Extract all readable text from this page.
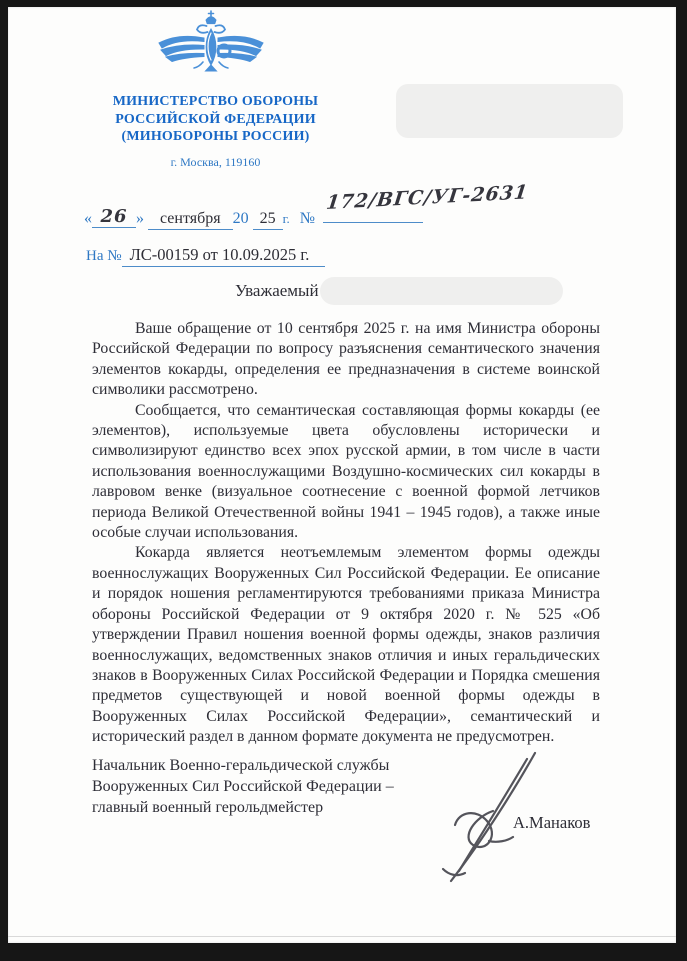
МИНИСТЕРСТВО ОБОРОНЫ
РОССИЙСКОЙ ФЕДЕРАЦИИ
(МИНОБОРОНЫ РОССИИ)
г. Москва, 119160
« 26 » сентября 20 25 г. №
172/ВГС/УГ-2631
На № ЛС-00159 от 10.09.2025 г.
Уважаемый

Ваше обращение от 10 сентября 2025 г. на имя Министра обороны Российской Федерации по вопросу разъяснения семантического значения элементов кокарды, определения ее предназначения в системе воинской символики рассмотрено.

Сообщается, что семантическая составляющая формы кокарды (ее элементов), используемые цвета обусловлены исторически и символизируют единство всех эпох русской армии, в том числе в части использования военнослужащими Воздушно-космических сил кокарды в лавровом венке (визуальное соотнесение с военной формой летчиков периода Великой Отечественной войны 1941 – 1945 годов), а также иные особые случаи использования.

Кокарда является неотъемлемым элементом формы одежды военнослужащих Вооруженных Сил Российской Федерации. Ее описание и порядок ношения регламентируются требованиями приказа Министра обороны Российской Федерации от 9 октября 2020 г. № 525 «Об утверждении Правил ношения военной формы одежды, знаков различия военнослужащих, ведомственных знаков отличия и иных геральдических знаков в Вооруженных Силах Российской Федерации и Порядка смешения предметов существующей и новой военной формы одежды в Вооруженных Силах Российской Федерации», семантический и исторический раздел в данном формате документа не предусмотрен.

Начальник Военно-геральдической службы
Вооруженных Сил Российской Федерации –
главный военный герольдмейстер
А.Манаков
